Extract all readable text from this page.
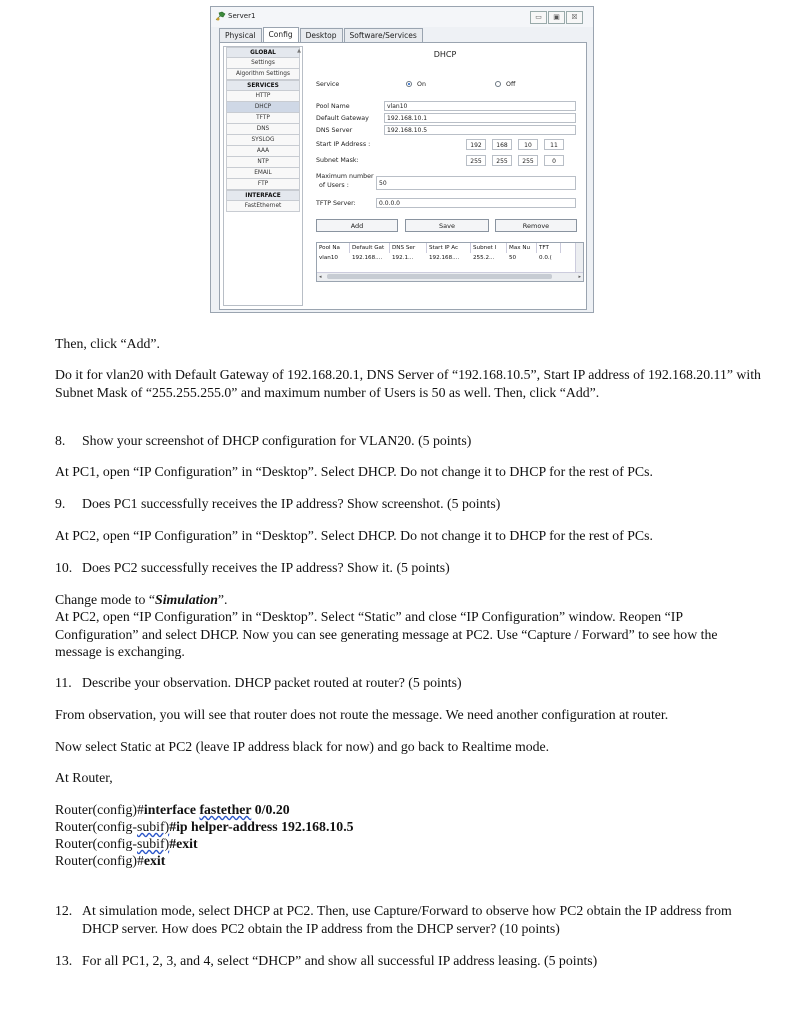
Server1	▭	▣	☒
Physical	Config	Desktop	Software/Services
▲
GLOBAL
Settings
Algorithm Settings
SERVICES
HTTP
DHCP
TFTP
DNS
SYSLOG
AAA
NTP
EMAIL
FTP
INTERFACE
FastEthernet
DHCP
Service	On	Off
Pool Name	vlan10
Default Gateway	192.168.10.1
DNS Server	192.168.10.5
Start IP Address :	192	168	10	11
Subnet Mask:	255	255	255	0
Maximum number
of Users :	50
TFTP Server:	0.0.0.0
Add	Save	Remove
Pool Na	Default Gat	DNS Ser	Start IP Ac	Subnet I	Max Nu	TFT
vlan10	192.168....	192.1...	192.168....	255.2...	50	0.0.(
◂	▸
Then, click “Add”.
Do it for vlan20 with Default Gateway of 192.168.20.1, DNS Server of “192.168.10.5”, Start IP address of 192.168.20.11” with Subnet Mask of “255.255.255.0” and maximum number of Users is 50 as well. Then, click “Add”.
8. Show your screenshot of DHCP configuration for VLAN20. (5 points)
At PC1, open “IP Configuration” in “Desktop”. Select DHCP. Do not change it to DHCP for the rest of PCs.
9. Does PC1 successfully receives the IP address? Show screenshot. (5 points)
At PC2, open “IP Configuration” in “Desktop”. Select DHCP. Do not change it to DHCP for the rest of PCs.
10. Does PC2 successfully receives the IP address? Show it. (5 points)
Change mode to “Simulation”.
At PC2, open “IP Configuration” in “Desktop”. Select “Static” and close “IP Configuration” window. Reopen “IP Configuration” and select DHCP. Now you can see generating message at PC2. Use “Capture / Forward” to see how the message is exchanging.
11. Describe your observation. DHCP packet routed at router? (5 points)
From observation, you will see that router does not route the message. We need another configuration at router.
Now select Static at PC2 (leave IP address black for now) and go back to Realtime mode.
At Router,
Router(config)#interface fastether 0/0.20
Router(config-subif)#ip helper-address 192.168.10.5
Router(config-subif)#exit
Router(config)#exit
12. At simulation mode, select DHCP at PC2. Then, use Capture/Forward to observe how PC2 obtain the IP address from DHCP server. How does PC2 obtain the IP address from the DHCP server? (10 points)
13. For all PC1, 2, 3, and 4, select “DHCP” and show all successful IP address leasing. (5 points)
